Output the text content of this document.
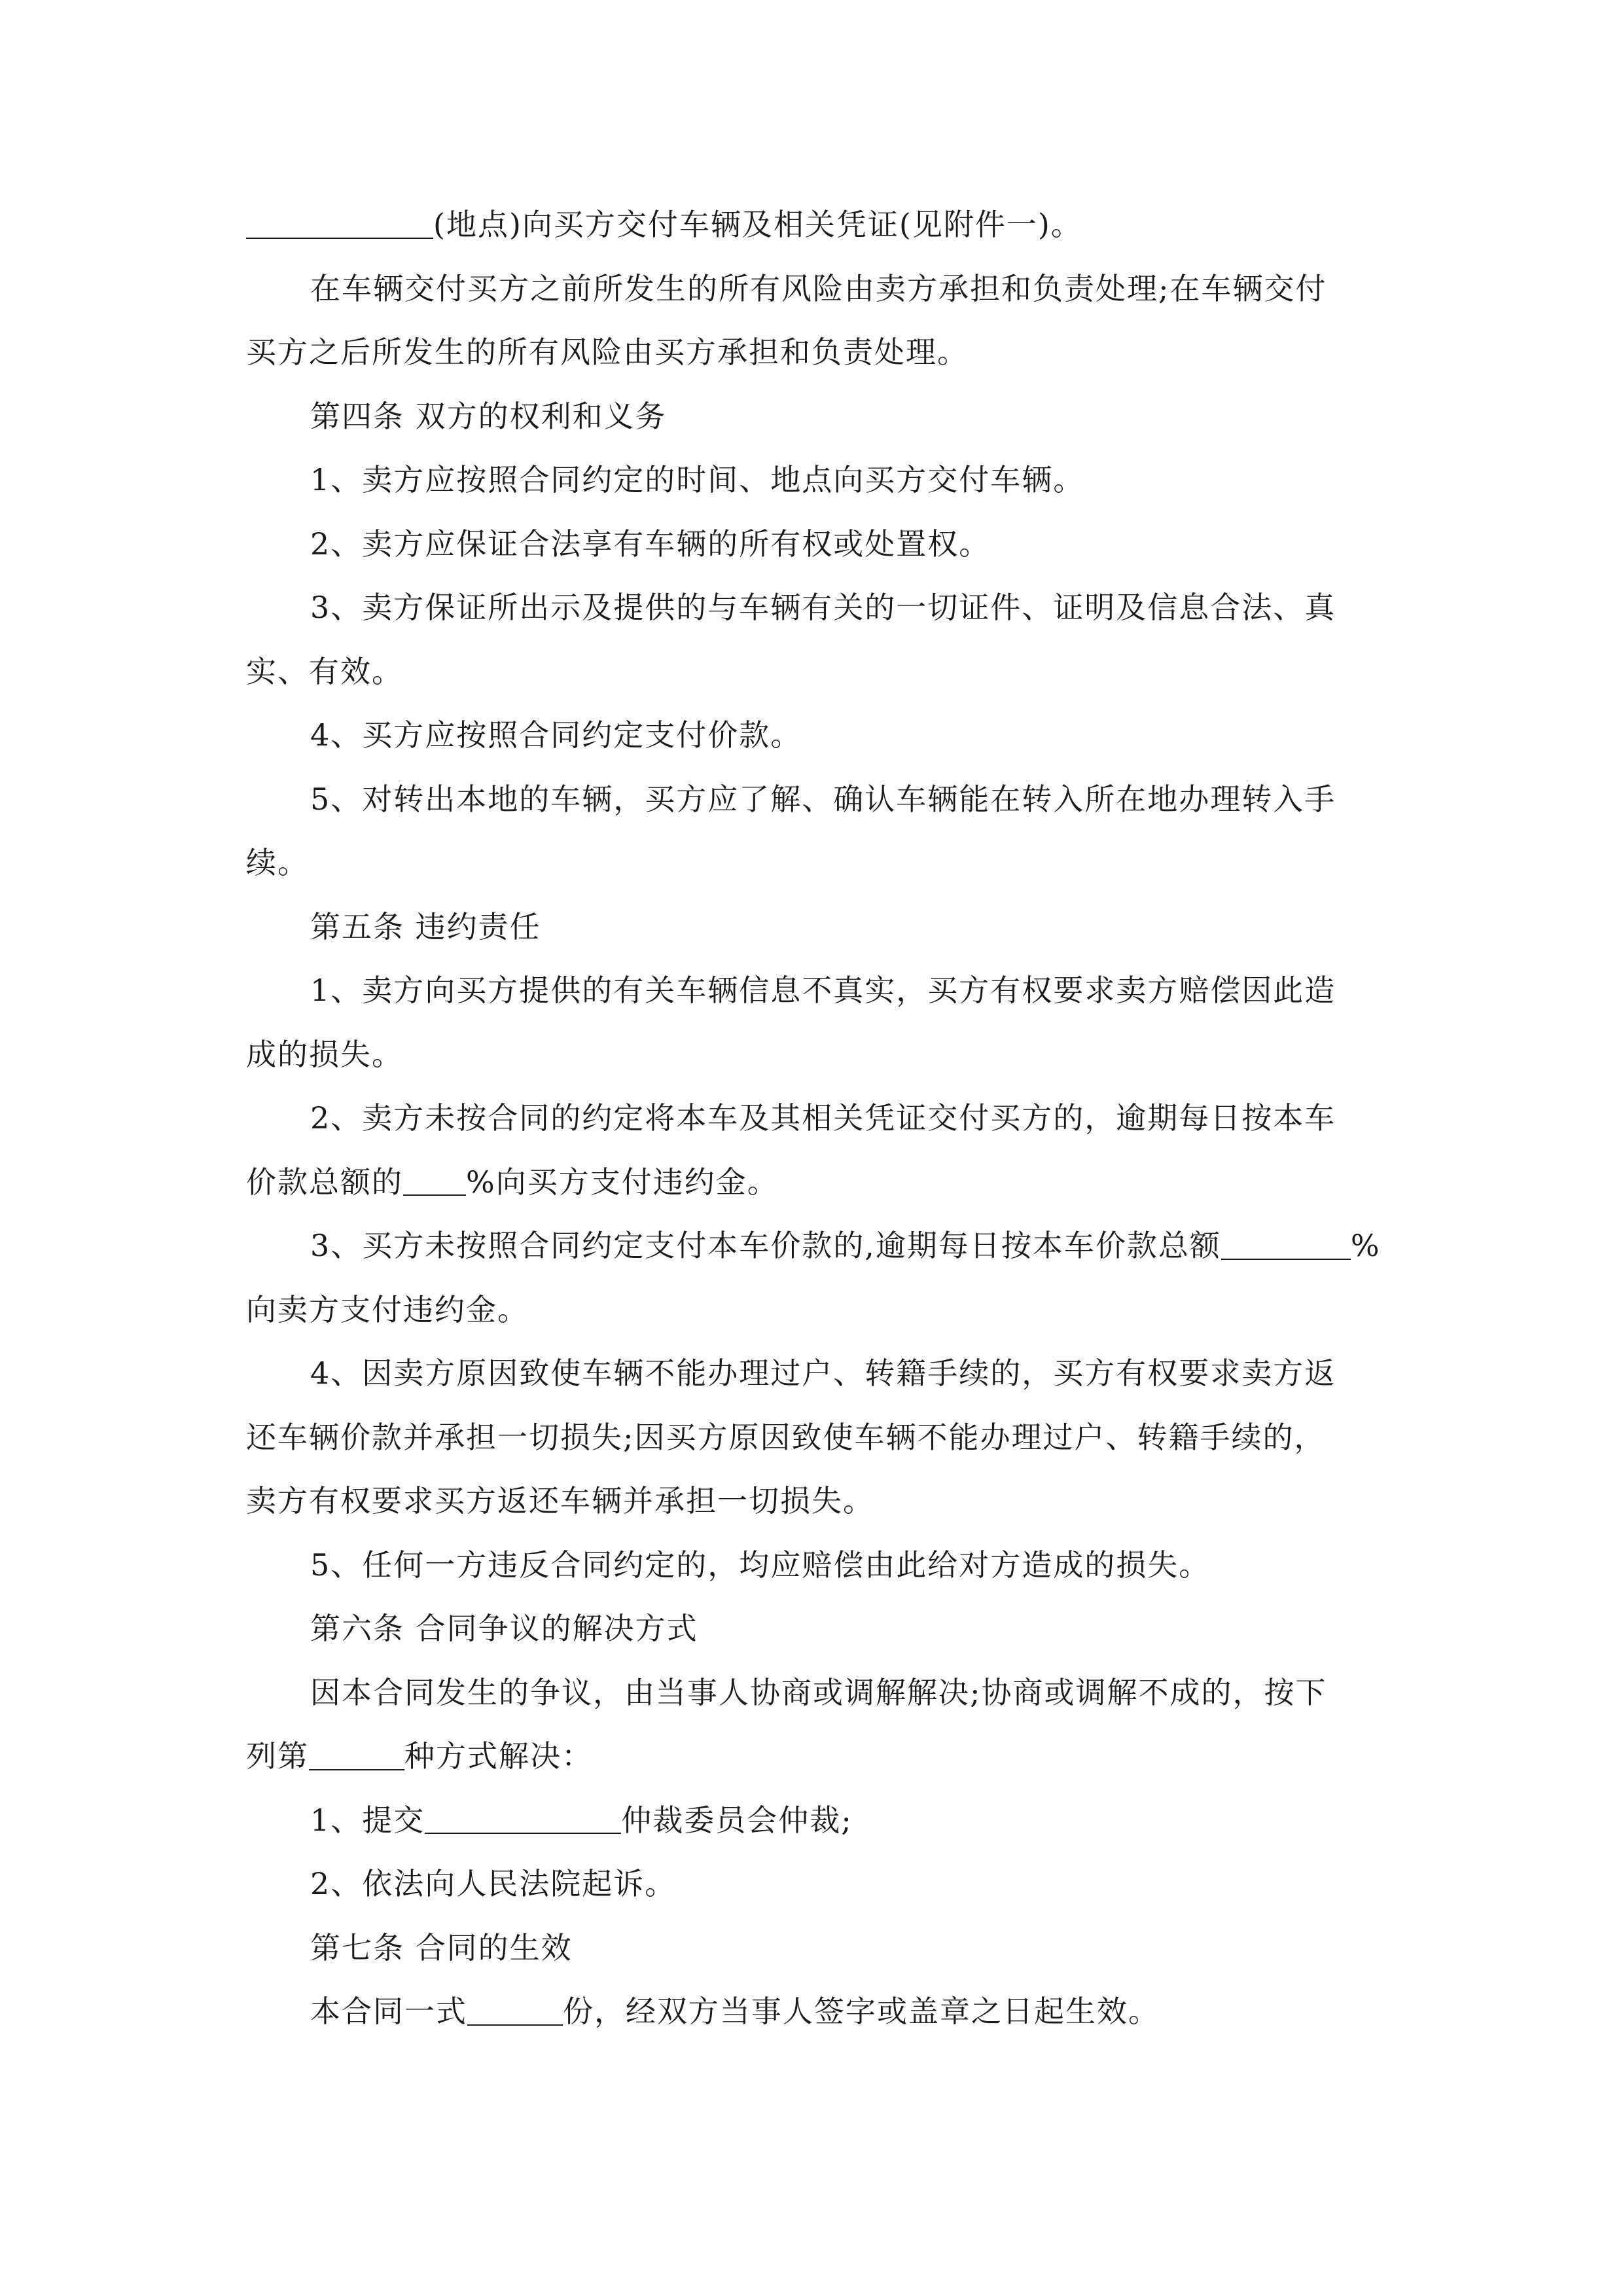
(地点)向买方交付车辆及相关凭证(见附件一)。

在车辆交付买方之前所发生的所有风险由卖方承担和负责处理;在车辆交付

买方之后所发生的所有风险由买方承担和负责处理。

第四条 双方的权利和义务

1、卖方应按照合同约定的时间、地点向买方交付车辆。

2、卖方应保证合法享有车辆的所有权或处置权。

3、卖方保证所出示及提供的与车辆有关的一切证件、证明及信息合法、真

实、有效。

4、买方应按照合同约定支付价款。

5、对转出本地的车辆，买方应了解、确认车辆能在转入所在地办理转入手

续。

第五条 违约责任

1、卖方向买方提供的有关车辆信息不真实，买方有权要求卖方赔偿因此造

成的损失。

2、卖方未按合同的约定将本车及其相关凭证交付买方的，逾期每日按本车

价款总额的 %向买方支付违约金。

3、买方未按照合同约定支付本车价款的,逾期每日按本车价款总额	%

向卖方支付违约金。

4、因卖方原因致使车辆不能办理过户、转籍手续的，买方有权要求卖方返

还车辆价款并承担一切损失;因买方原因致使车辆不能办理过户、转籍手续的，

卖方有权要求买方返还车辆并承担一切损失。

5、任何一方违反合同约定的，均应赔偿由此给对方造成的损失。

第六条 合同争议的解决方式

因本合同发生的争议，由当事人协商或调解解决;协商或调解不成的，按下

列第	种方式解决：

1、提交	仲裁委员会仲裁;

2、依法向人民法院起诉。

第七条 合同的生效

本合同一式	份，经双方当事人签字或盖章之日起生效。
